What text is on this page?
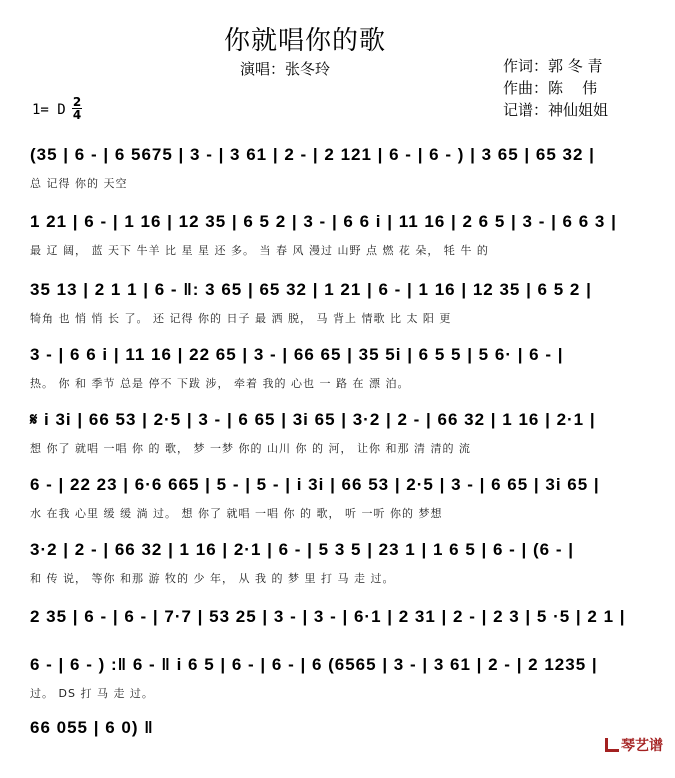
你就唱你的歌
演唱：张冬玲	作词：郭 冬 青
作曲：陈    伟
记谱：神仙姐姐
1= D 2
4
(35 | 6 - | 6 5675 | 3 - | 3 61 | 2 - | 2 121 | 6 - | 6 - ) | 3 65 | 65 32 |
总 记得 你的 天空
1 21 | 6 - | 1 16 | 12 35 | 6 5 2 | 3 - | 6 6 i | 11 16 | 2 6 5 | 3 - | 6 6 3 |
最 辽 阔， 蓝 天下 牛羊 比 星 星 还 多。 当 春 风 漫过 山野 点 燃 花 朵， 牦 牛 的
35 13 | 2 1 1 | 6 - ‖: 3 65 | 65 32 | 1 21 | 6 - | 1 16 | 12 35 | 6 5 2 |
犄角 也 悄 悄 长 了。 还 记得 你的 日子 最 洒 脱， 马 背上 情歌 比 太 阳 更
3 - | 6 6 i | 11 16 | 22 65 | 3 - | 66 65 | 35 5i | 6 5 5 | 5 6· | 6 - |
热。 你 和 季节 总是 停不 下跋 涉， 牵着 我的 心也 一 路 在 漂 泊。
𝄋 i 3i | 66 53 | 2·5 | 3 - | 6 65 | 3i 65 | 3·2 | 2 - | 66 32 | 1 16 | 2·1 |
想 你了 就唱 一唱 你 的 歌， 梦 一梦 你的 山川 你 的 河， 让你 和那 清 清的 流
6 - | 22 23 | 6·6 665 | 5 - | 5 - | i 3i | 66 53 | 2·5 | 3 - | 6 65 | 3i 65 |
水 在我 心里 缓 缓 淌 过。 想 你了 就唱 一唱 你 的 歌， 听 一听 你的 梦想
3·2 | 2 - | 66 32 | 1 16 | 2·1 | 6 - | 5 3 5 | 23 1 | 1 6 5 | 6 - | (6 - |
和 传 说， 等你 和那 游 牧的 少 年， 从 我 的 梦 里 打 马 走 过。
2 35 | 6 - | 6 - | 7·7 | 53 25 | 3 - | 3 - | 6·1 | 2 31 | 2 - | 2 3 | 5 ·5 | 2 1 |
6 - | 6 - ) :‖ 6 - ‖ i 6 5 | 6 - | 6 - | 6 (6565 | 3 - | 3 61 | 2 - | 2 1235 |
过。 DS 打 马 走 过。
66 055 | 6 0) ‖
琴艺谱
